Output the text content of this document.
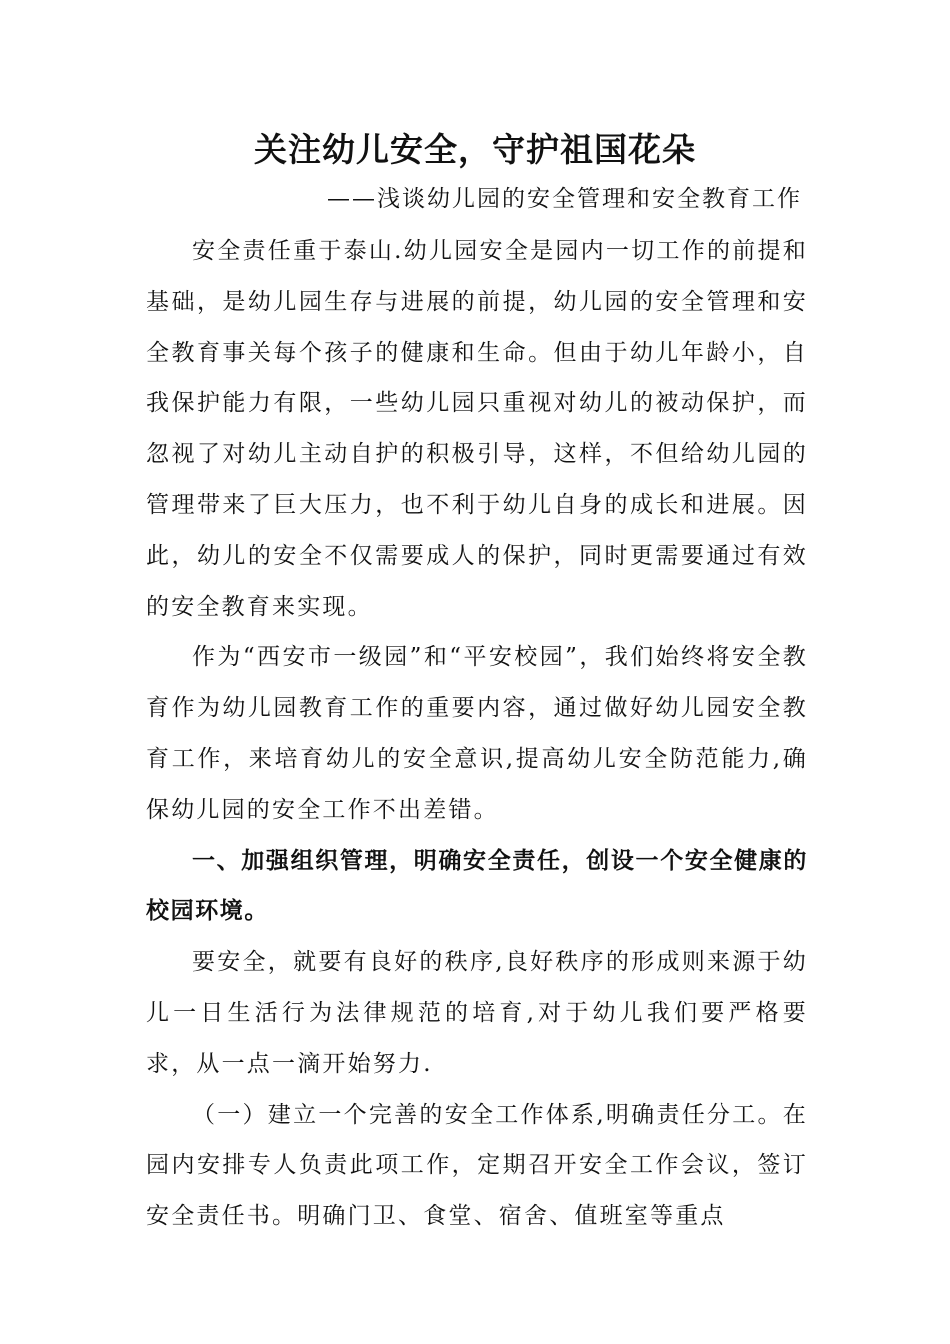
关注幼儿安全，守护祖国花朵

——浅谈幼儿园的安全管理和安全教育工作

安全责任重于泰山.幼儿园安全是园内一切工作的前提和基础，是幼儿园生存与进展的前提，幼儿园的安全管理和安全教育事关每个孩子的健康和生命。但由于幼儿年龄小，自我保护能力有限，一些幼儿园只重视对幼儿的被动保护，而忽视了对幼儿主动自护的积极引导，这样，不但给幼儿园的管理带来了巨大压力，也不利于幼儿自身的成长和进展。因此，幼儿的安全不仅需要成人的保护，同时更需要通过有效的安全教育来实现。

作为“西安市一级园”和“平安校园”，我们始终将安全教育作为幼儿园教育工作的重要内容，通过做好幼儿园安全教育工作，来培育幼儿的安全意识,提高幼儿安全防范能力,确保幼儿园的安全工作不出差错。

一、加强组织管理，明确安全责任，创设一个安全健康的校园环境。

要安全，就要有良好的秩序,良好秩序的形成则来源于幼儿一日生活行为法律规范的培育,对于幼儿我们要严格要求，从一点一滴开始努力.

（一）建立一个完善的安全工作体系,明确责任分工。在园内安排专人负责此项工作，定期召开安全工作会议，签订安全责任书。明确门卫、食堂、宿舍、值班室等重点
